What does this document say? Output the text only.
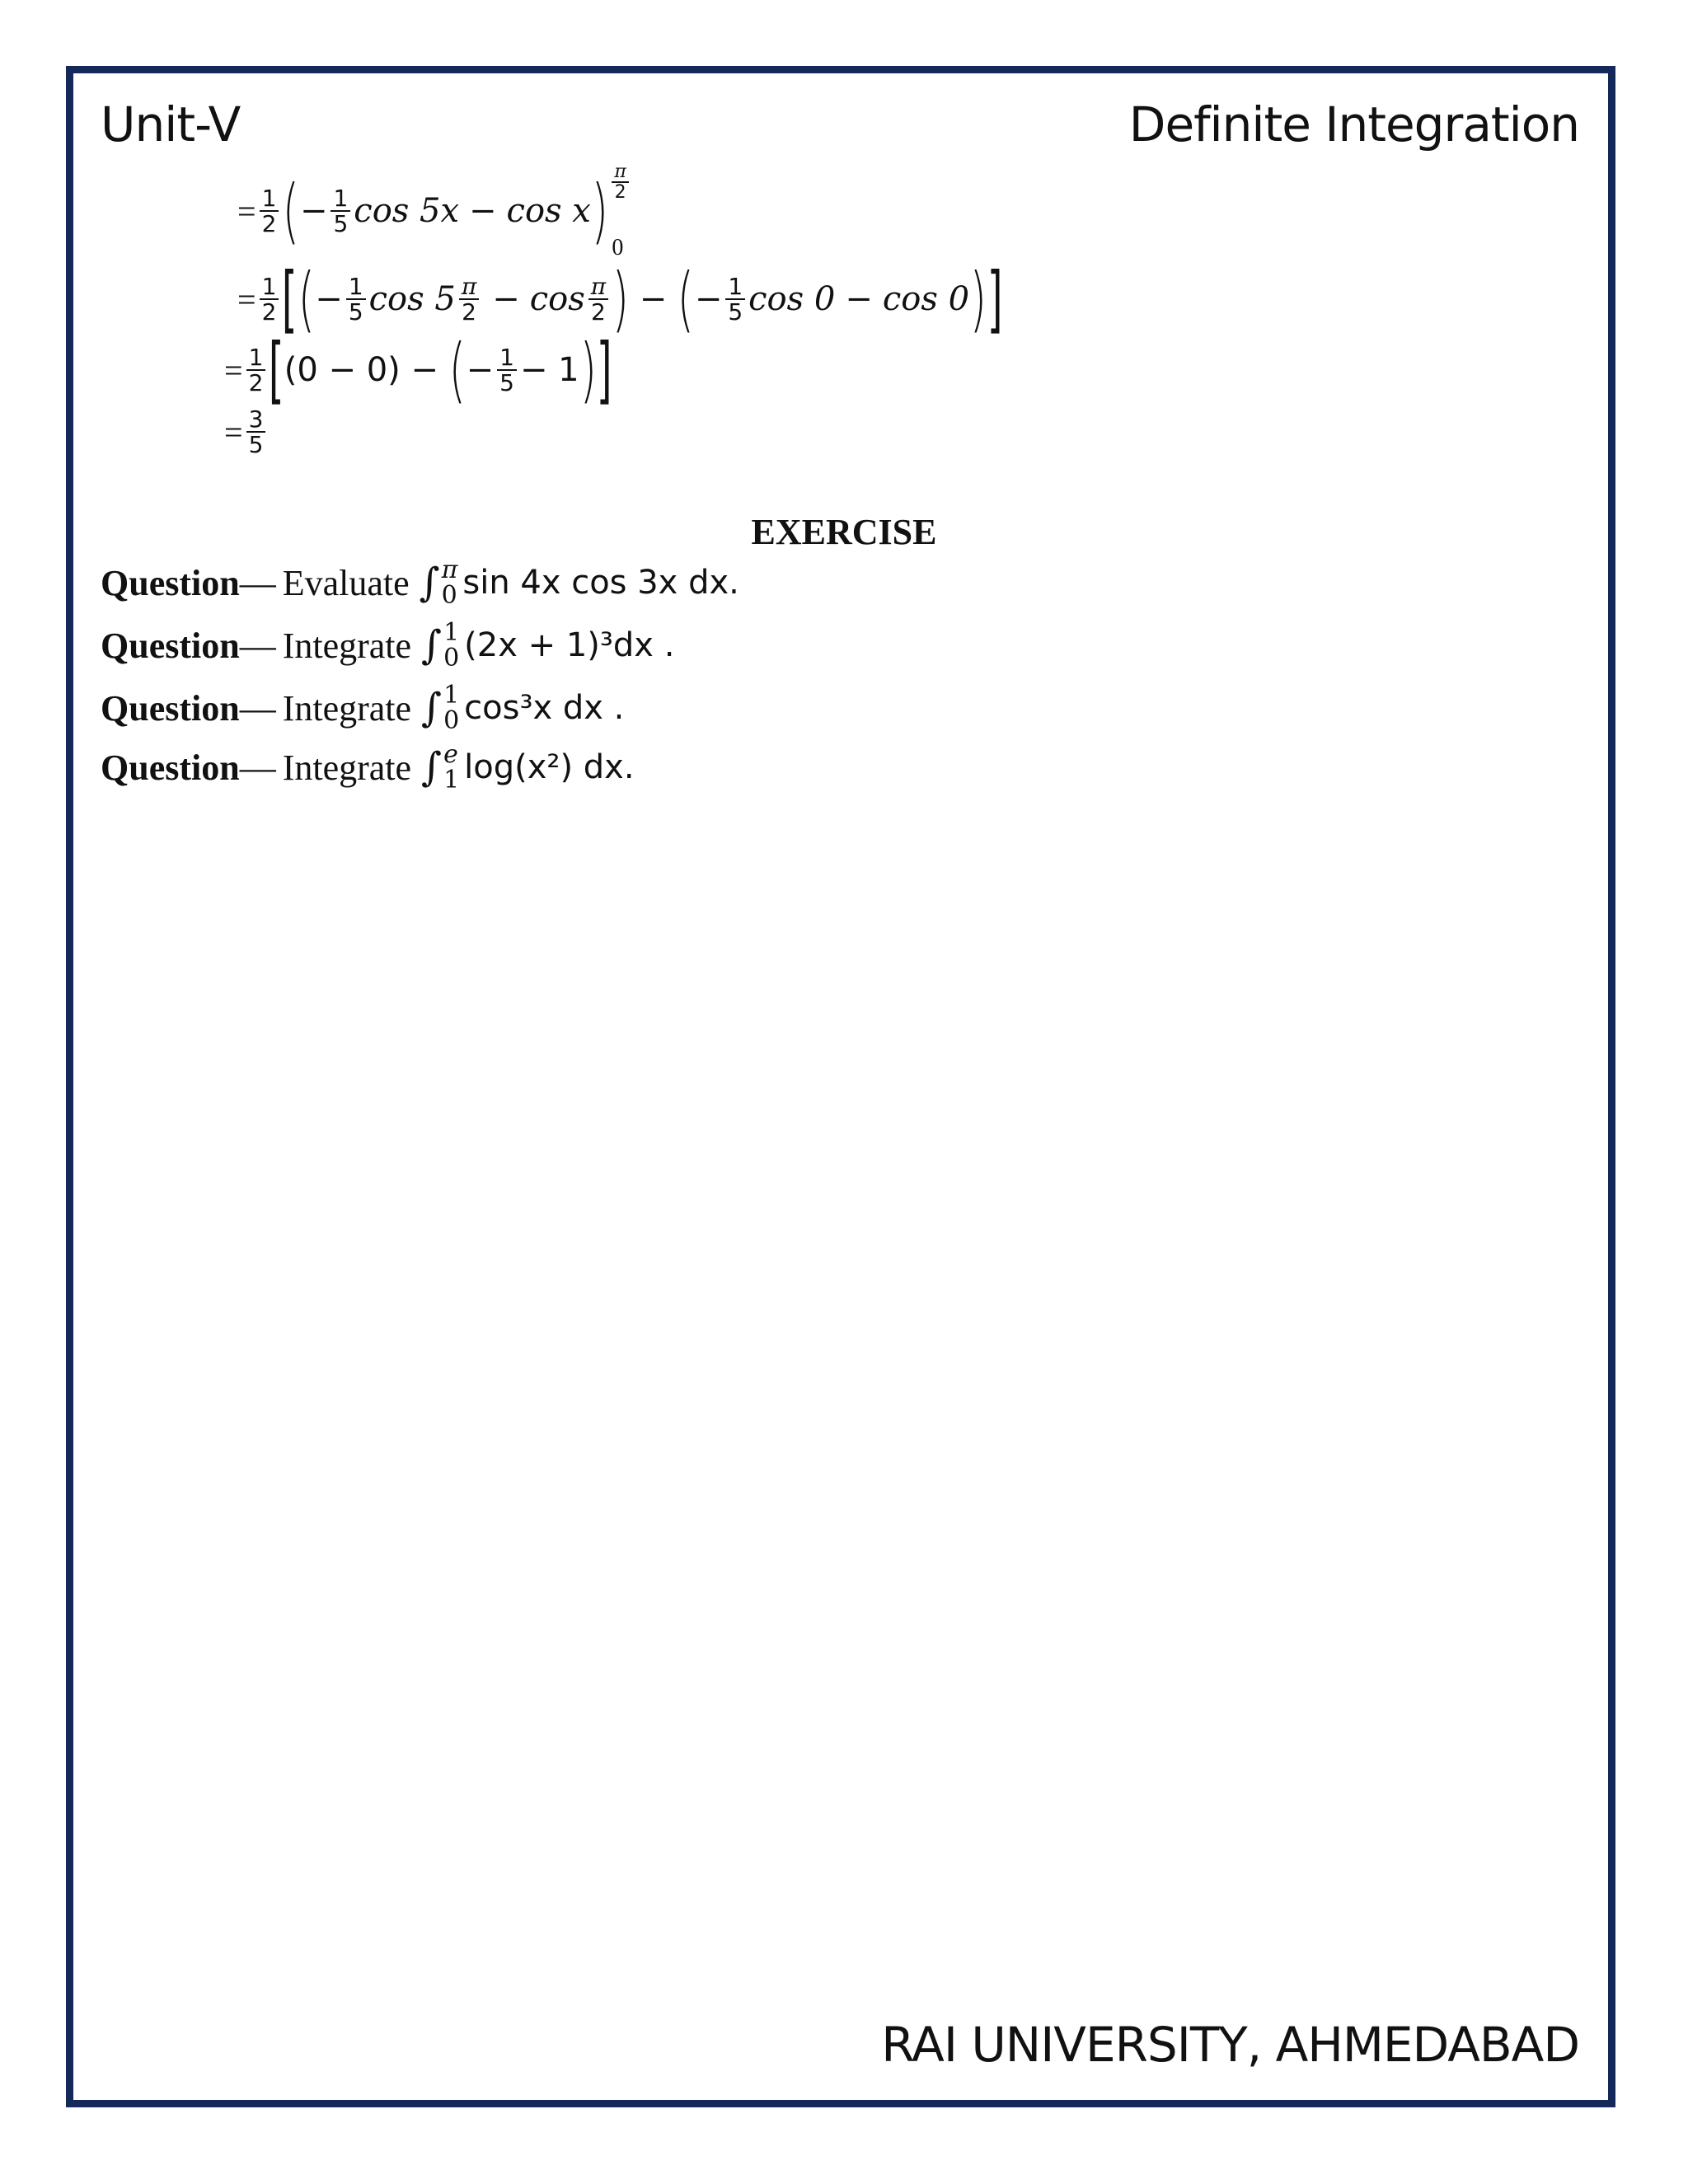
Unit-V	Definite Integration
= $\frac{1}{2}$ ( − $\frac{1}{5}$ cos 5x − cos x ) $\frac{\pi}{2}$
0
= $\frac{1}{2}$ [ ( − $\frac{1}{5}$ $\cos 5 \frac{\pi}{2} - \cos \frac{\pi}{2}$ ) − ( − $\frac{1}{5}$ cos 0 − cos 0 ) ]
= $\frac{1}{2}$ [ (0 − 0) − ( − $\frac{1}{5} - 1$ ) ]
= $\frac{3}{5}$
EXERCISE
Question — Evaluate ∫ π
0 sin 4x cos 3x dx.
Question — Integrate ∫ 1
0 (2x + 1)³dx .
Question — Integrate ∫ 1
0 cos³x dx .
Question — Integrate ∫ e
1 log(x²) dx.
RAI UNIVERSITY, AHMEDABAD
